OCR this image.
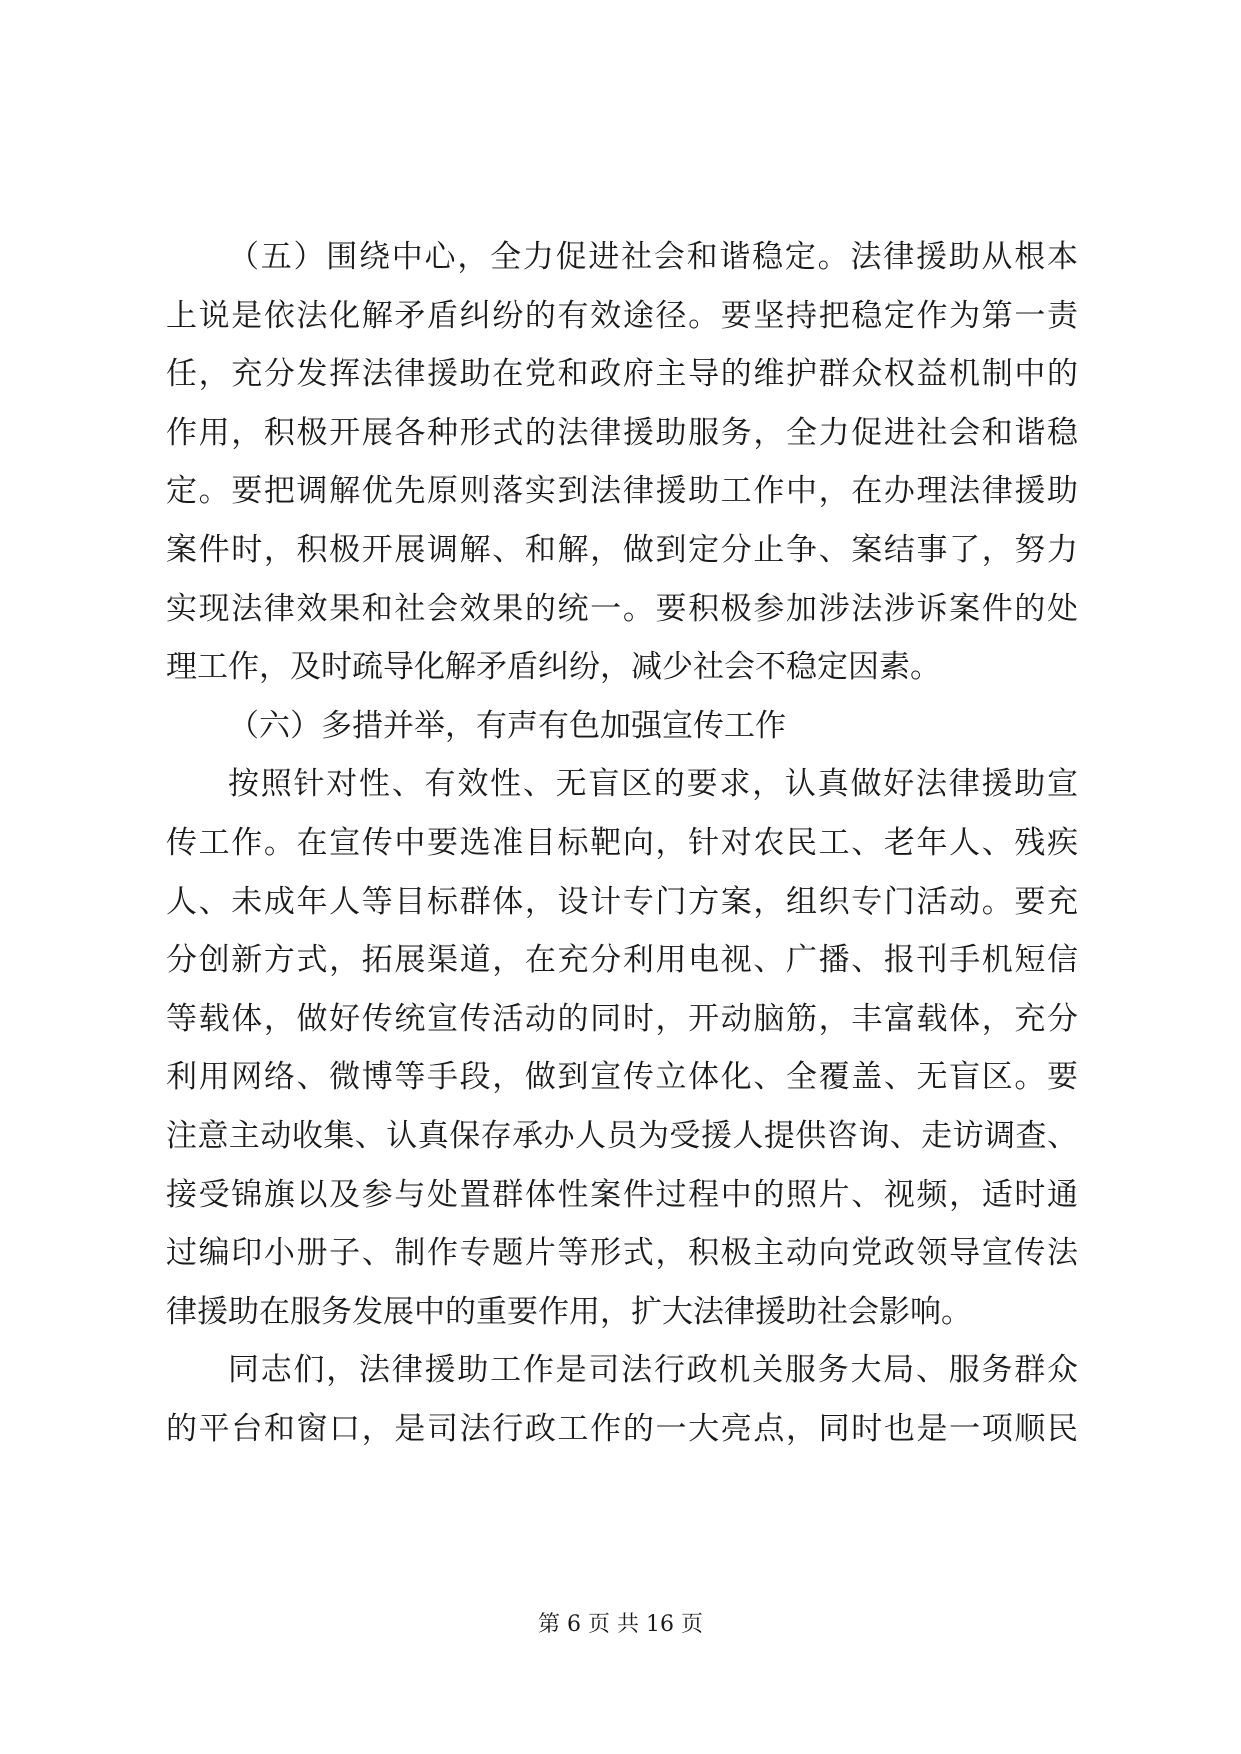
（五）围绕中心，全力促进社会和谐稳定。法律援助从根本
上说是依法化解矛盾纠纷的有效途径。要坚持把稳定作为第一责
任，充分发挥法律援助在党和政府主导的维护群众权益机制中的
作用，积极开展各种形式的法律援助服务，全力促进社会和谐稳
定。要把调解优先原则落实到法律援助工作中，在办理法律援助
案件时，积极开展调解、和解，做到定分止争、案结事了，努力
实现法律效果和社会效果的统一。要积极参加涉法涉诉案件的处
理工作，及时疏导化解矛盾纠纷，减少社会不稳定因素。
（六）多措并举，有声有色加强宣传工作
按照针对性、有效性、无盲区的要求，认真做好法律援助宣
传工作。在宣传中要选准目标靶向，针对农民工、老年人、残疾
人、未成年人等目标群体，设计专门方案，组织专门活动。要充
分创新方式，拓展渠道，在充分利用电视、广播、报刊手机短信
等载体，做好传统宣传活动的同时，开动脑筋，丰富载体，充分
利用网络、微博等手段，做到宣传立体化、全覆盖、无盲区。要
注意主动收集、认真保存承办人员为受援人提供咨询、走访调查、
接受锦旗以及参与处置群体性案件过程中的照片、视频，适时通
过编印小册子、制作专题片等形式，积极主动向党政领导宣传法
律援助在服务发展中的重要作用，扩大法律援助社会影响。
同志们，法律援助工作是司法行政机关服务大局、服务群众
的平台和窗口，是司法行政工作的一大亮点，同时也是一项顺民
第 6 页 共 16 页
